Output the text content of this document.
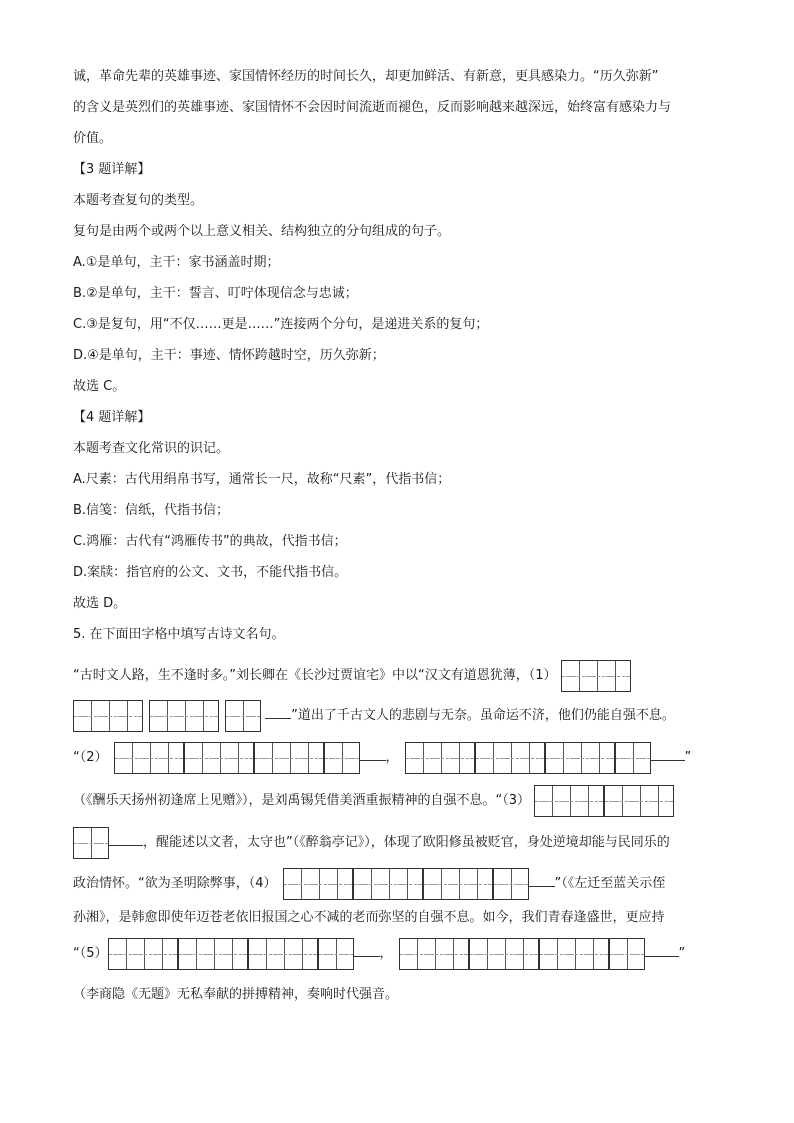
诚，革命先辈的英雄事迹、家国情怀经历的时间长久，却更加鲜活、有新意，更具感染力。“历久弥新”
的含义是英烈们的英雄事迹、家国情怀不会因时间流逝而褪色，反而影响越来越深远，始终富有感染力与
价值。
【3 题详解】
本题考查复句的类型。
复句是由两个或两个以上意义相关、结构独立的分句组成的句子。
A.①是单句，主干：家书涵盖时期；
B.②是单句，主干：誓言、叮咛体现信念与忠诚；
C.③是复句，用“不仅……更是……”连接两个分句，是递进关系的复句；
D.④是单句，主干：事迹、情怀跨越时空，历久弥新；
故选 C。
【4 题详解】
本题考查文化常识的识记。
A.尺素：古代用绢帛书写，通常长一尺，故称“尺素”，代指书信；
B.信笺：信纸，代指书信；
C.鸿雁：古代有“鸿雁传书”的典故，代指书信；
D.案牍：指官府的公文、文书，不能代指书信。
故选 D。
5. 在下面田字格中填写古诗文名句。
“古时文人路，生不逢时多。”刘长卿在《长沙过贾谊宅》中以“汉文有道恩犹薄，（1）
”道出了千古文人的悲剧与无奈。虽命运不济，他们仍能自强不息。
“（2）	，	”
（《酬乐天扬州初逢席上见赠》），是刘禹锡凭借美酒重振精神的自强不息。“（3）
，醒能述以文者，太守也”（《醉翁亭记》），体现了欧阳修虽被贬官，身处逆境却能与民同乐的
政治情怀。“欲为圣明除弊事，（4）	”（《左迁至蓝关示侄
孙湘》，是韩愈即使年迈苍老依旧报国之心不减的老而弥坚的自强不息。如今，我们青春逢盛世，更应持
“（5）	，	”
（李商隐《无题》无私奉献的拼搏精神，奏响时代强音。
